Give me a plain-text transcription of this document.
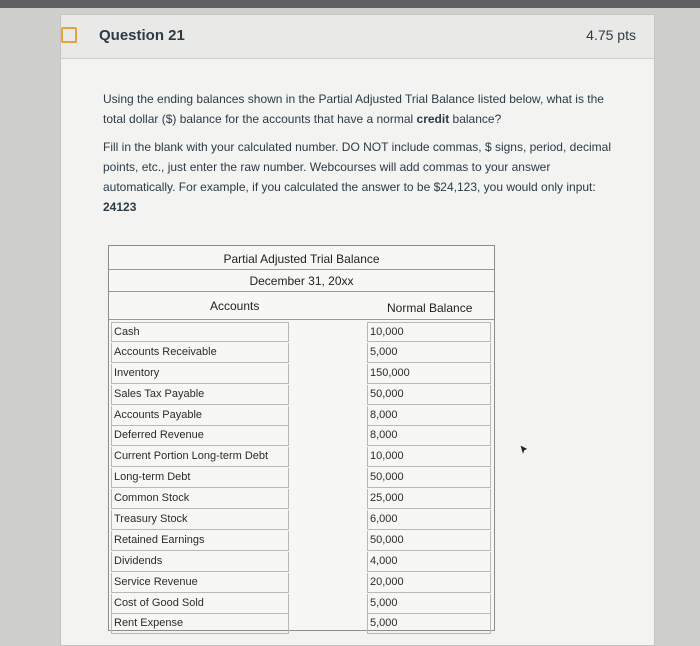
Question 21	4.75 pts
Using the ending balances shown in the Partial Adjusted Trial Balance listed below, what is the total dollar ($) balance for the accounts that have a normal credit balance?
Fill in the blank with your calculated number. DO NOT include commas, $ signs, period, decimal points, etc., just enter the raw number. Webcourses will add commas to your answer automatically. For example, if you calculated the answer to be $24,123, you would only input: 24123
Partial Adjusted Trial Balance
December 31, 20xx
Accounts	Normal Balance
Cash	10,000
Accounts Receivable	5,000
Inventory	150,000
Sales Tax Payable	50,000
Accounts Payable	8,000
Deferred Revenue	8,000
Current Portion Long-term Debt	10,000
Long-term Debt	50,000
Common Stock	25,000
Treasury Stock	6,000
Retained Earnings	50,000
Dividends	4,000
Service Revenue	20,000
Cost of Good Sold	5,000
Rent Expense	5,000
